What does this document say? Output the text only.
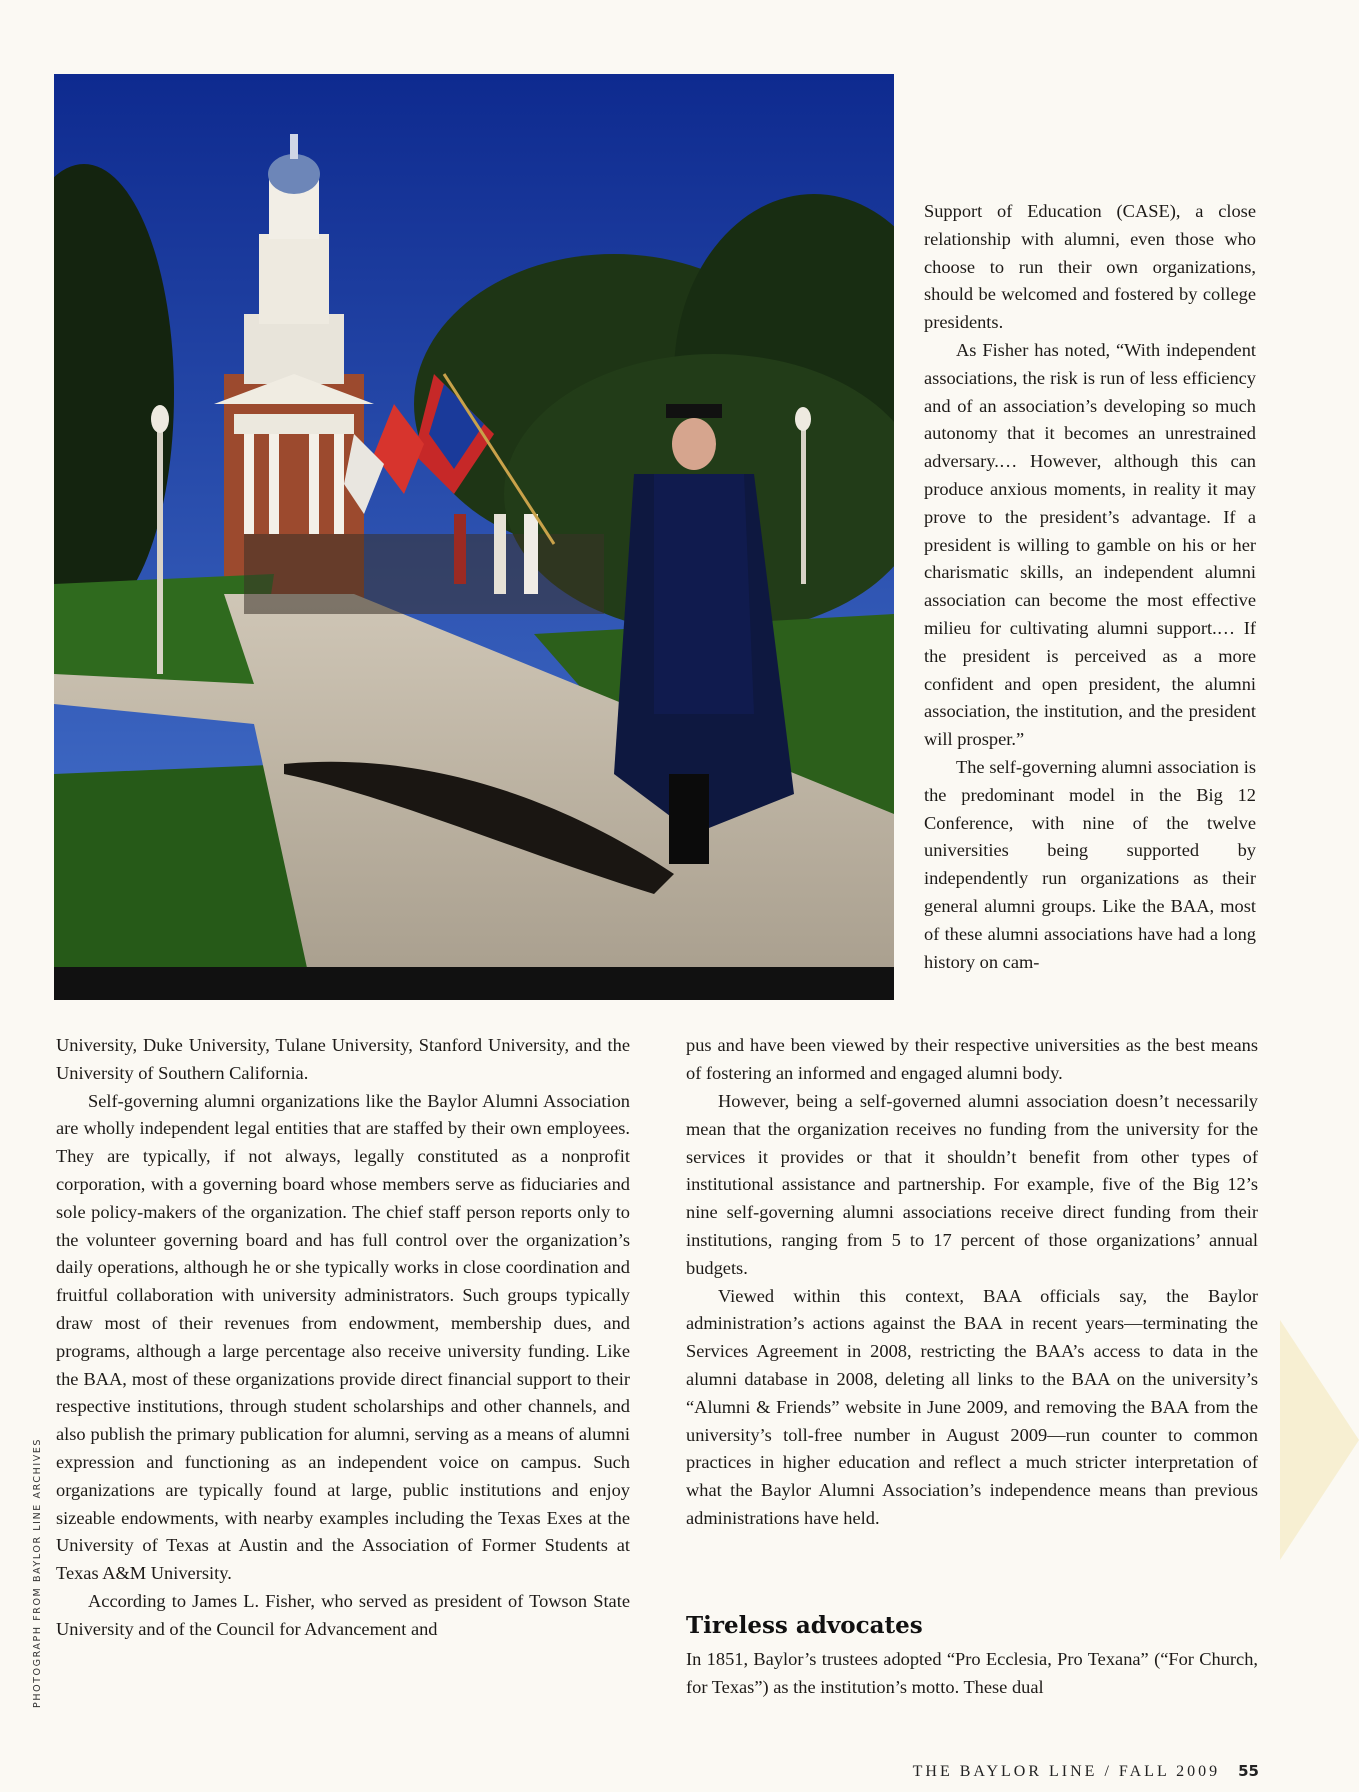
Support of Education (CASE), a close relationship with alumni, even those who choose to run their own organizations, should be welcomed and fostered by college presidents.

As Fisher has noted, “With independent associations, the risk is run of less efficiency and of an association’s developing so much autonomy that it becomes an unrestrained adversary.… However, although this can produce anxious moments, in reality it may prove to the president’s advantage. If a president is willing to gamble on his or her charismatic skills, an independent alumni association can become the most effective milieu for cultivating alumni support.… If the president is perceived as a more confident and open president, the alumni association, the institution, and the president will prosper.”

The self-governing alumni association is the predominant model in the Big 12 Conference, with nine of the twelve universities being supported by independently run organizations as their general alumni groups. Like the BAA, most of these alumni associations have had a long history on cam-

pus and have been viewed by their respective universities as the best means of fostering an informed and engaged alumni body.

University, Duke University, Tulane University, Stanford University, and the University of Southern California.

Self-governing alumni organizations like the Baylor Alumni Association are wholly independent legal entities that are staffed by their own employees. They are typically, if not always, legally constituted as a nonprofit corporation, with a governing board whose members serve as fiduciaries and sole policy-makers of the organization. The chief staff person reports only to the volunteer governing board and has full control over the organization’s daily operations, although he or she typically works in close coordination and fruitful collaboration with university administrators. Such groups typically draw most of their revenues from endowment, membership dues, and programs, although a large percentage also receive university funding. Like the BAA, most of these organizations provide direct financial support to their respective institutions, through student scholarships and other channels, and also publish the primary publication for alumni, serving as a means of alumni expression and functioning as an independent voice on campus. Such organizations are typically found at large, public institutions and enjoy sizeable endowments, with nearby examples including the Texas Exes at the University of Texas at Austin and the Association of Former Students at Texas A&M University.

According to James L. Fisher, who served as president of Towson State University and of the Council for Advancement and

However, being a self-governed alumni association doesn’t necessarily mean that the organization receives no funding from the university for the services it provides or that it shouldn’t benefit from other types of institutional assistance and partnership. For example, five of the Big 12’s nine self-governing alumni associations receive direct funding from their institutions, ranging from 5 to 17 percent of those organizations’ annual budgets.

Viewed within this context, BAA officials say, the Baylor administration’s actions against the BAA in recent years—terminating the Services Agreement in 2008, restricting the BAA’s access to data in the alumni database in 2008, deleting all links to the BAA on the university’s “Alumni & Friends” website in June 2009, and removing the BAA from the university’s toll-free number in August 2009—run counter to common practices in higher education and reflect a much stricter interpretation of what the Baylor Alumni Association’s independence means than previous administrations have held.

Tireless advocates

In 1851, Baylor’s trustees adopted “Pro Ecclesia, Pro Texana” (“For Church, for Texas”) as the institution’s motto. These dual

PHOTOGRAPH FROM BAYLOR LINE ARCHIVES
THE BAYLOR LINE / FALL 2009 55
